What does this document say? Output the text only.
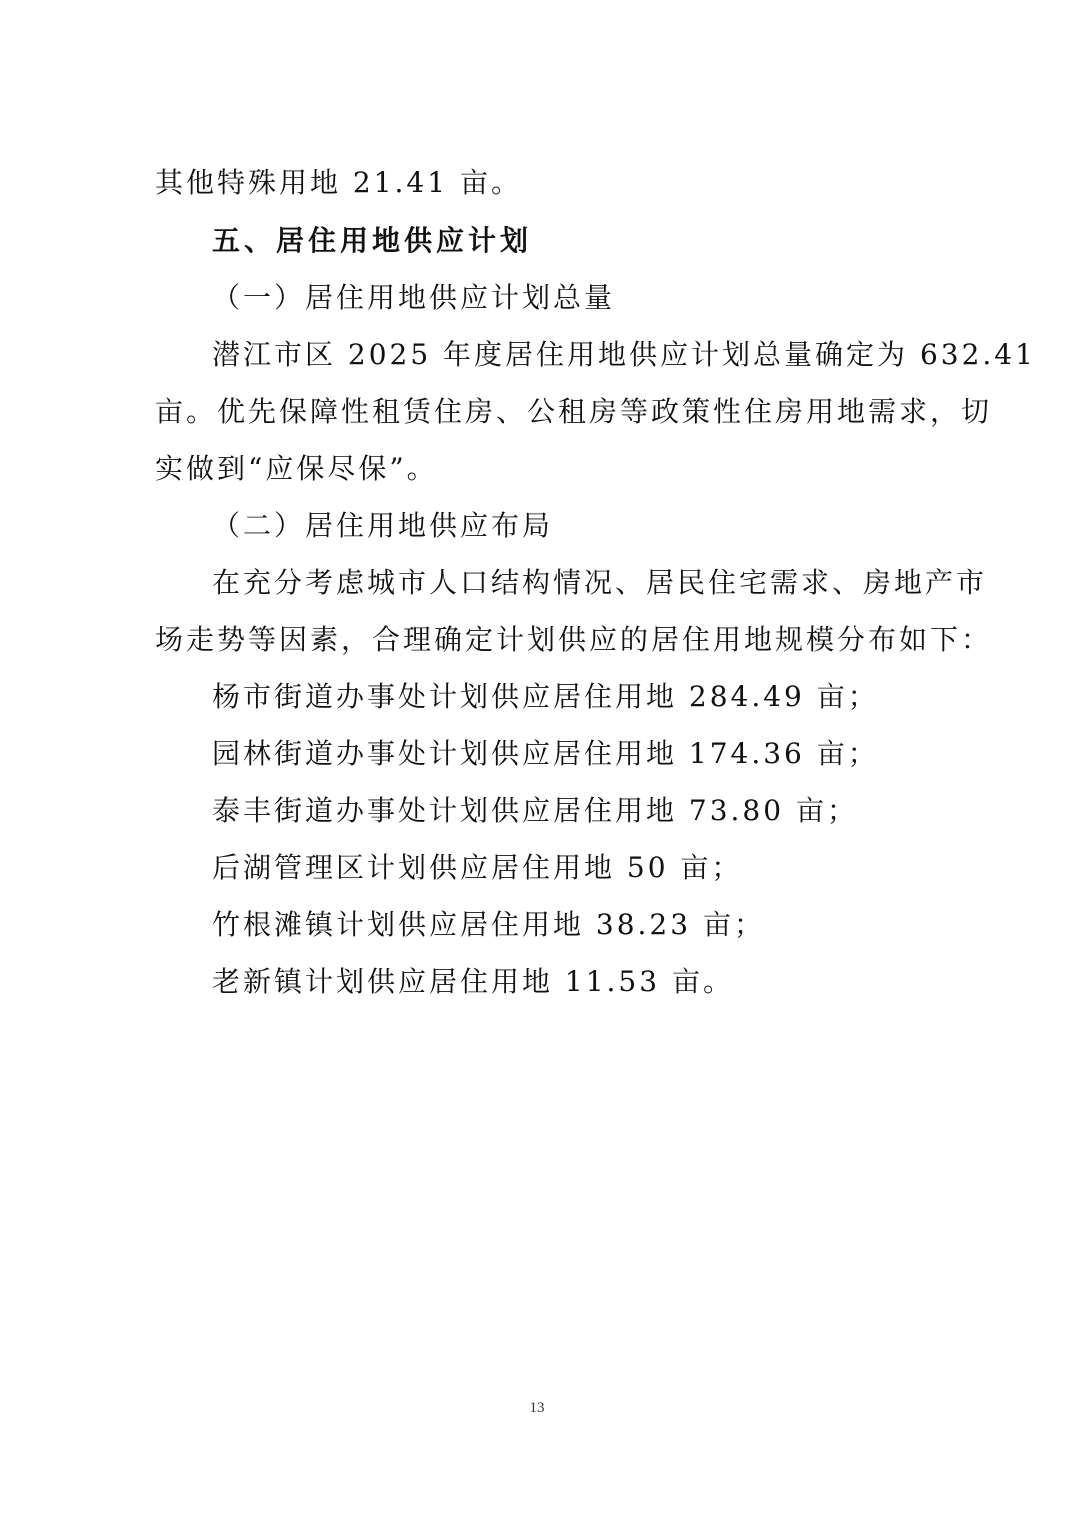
其他特殊用地 21.41 亩。
五、居住用地供应计划
（一）居住用地供应计划总量
潜江市区 2025 年度居住用地供应计划总量确定为 632.41
亩。优先保障性租赁住房、公租房等政策性住房用地需求，切
实做到“应保尽保”。
（二）居住用地供应布局
在充分考虑城市人口结构情况、居民住宅需求、房地产市
场走势等因素，合理确定计划供应的居住用地规模分布如下：
杨市街道办事处计划供应居住用地 284.49 亩；
园林街道办事处计划供应居住用地 174.36 亩；
泰丰街道办事处计划供应居住用地 73.80 亩；
后湖管理区计划供应居住用地 50 亩；
竹根滩镇计划供应居住用地 38.23 亩；
老新镇计划供应居住用地 11.53 亩。
13
